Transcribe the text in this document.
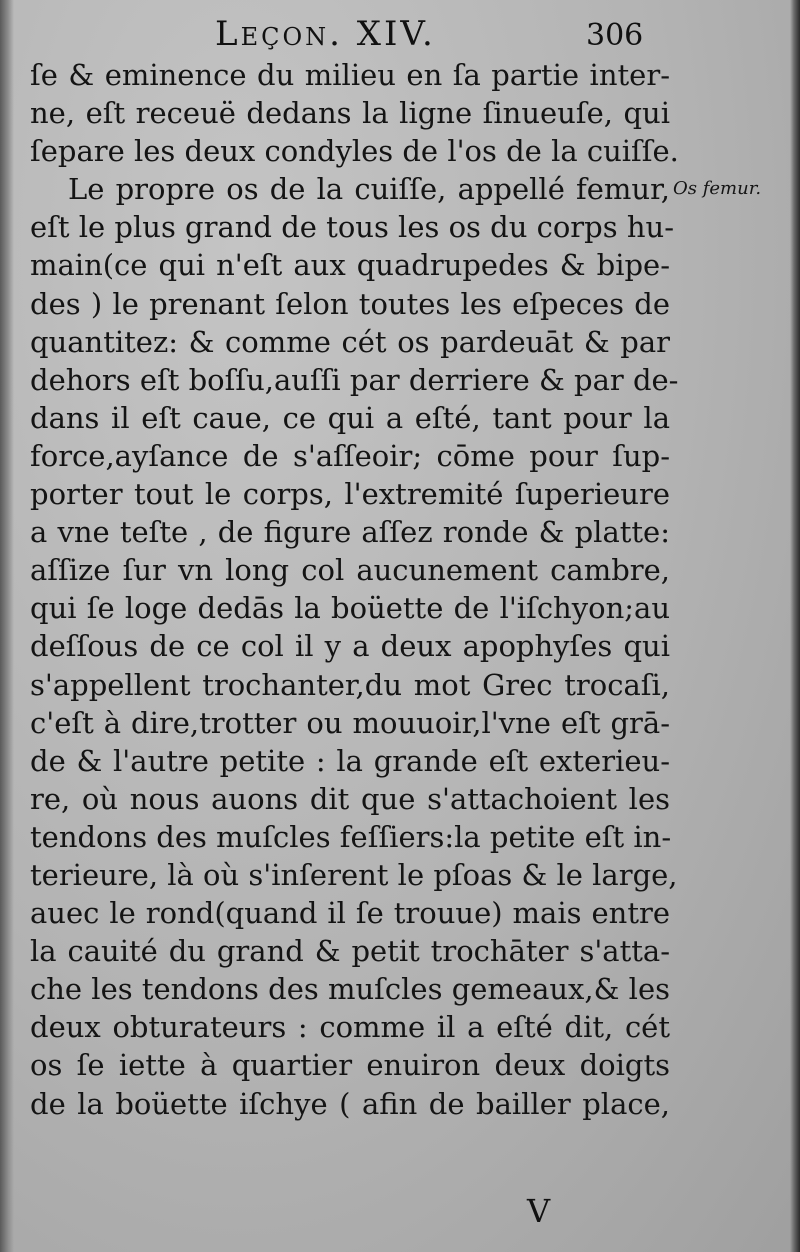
Leçon. XIV.	306
Os femur.
ſe & eminence du milieu en ſa partie inter-
ne, eſt receuë dedans la ligne ſinueuſe, qui
ſepare les deux condyles de l'os de la cuiſſe.
Le propre os de la cuiſſe, appellé femur,
eſt le plus grand de tous les os du corps hu-
main(ce qui n'eſt aux quadrupedes & bipe-
des ) le prenant ſelon toutes les eſpeces de
quantitez: & comme cét os pardeuāt & par
dehors eſt boſſu,auſſi par derriere & par de-
dans il eſt caue, ce qui a eſté, tant pour la
force,ayſance de s'aſſeoir; cōme pour ſup-
porter tout le corps, l'extremité ſuperieure
a vne teſte , de figure aſſez ronde & platte:
aſſize ſur vn long col aucunement cambre,
qui ſe loge dedās la boüette de l'iſchyon;au
deſſous de ce col il y a deux apophyſes qui
s'appellent trochanter,du mot Grec trocaſi,
c'eſt à dire,trotter ou mouuoir,l'vne eſt grā-
de & l'autre petite : la grande eſt exterieu-
re, où nous auons dit que s'attachoient les
tendons des muſcles feſſiers:la petite eſt in-
terieure, là où s'inſerent le pſoas & le large,
auec le rond(quand il ſe trouue) mais entre
la cauité du grand & petit trochāter s'atta-
che les tendons des muſcles gemeaux,& les
deux obturateurs : comme il a eſté dit, cét
os ſe iette à quartier enuiron deux doigts
de la boüette iſchye ( afin de bailler place,
V
